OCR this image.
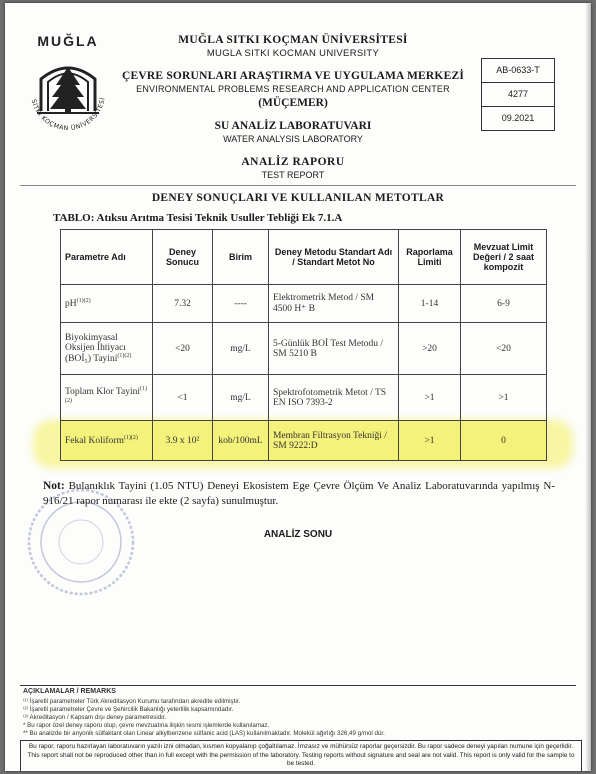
MUĞLA
SITKI KOÇMAN ÜNİVERSİTESİ
MUĞLA SITKI KOÇMAN ÜNİVERSİTESİ
MUGLA SITKI KOCMAN UNIVERSITY
ÇEVRE SORUNLARI ARAŞTIRMA VE UYGULAMA MERKEZİ
ENVIRONMENTAL PROBLEMS RESEARCH AND APPLICATION CENTER
(MÜÇEMER)
SU ANALİZ LABORATUVARI
WATER ANALYSIS LABORATORY
ANALİZ RAPORU
TEST REPORT
AB-0633-T
4277
09.2021
DENEY SONUÇLARI VE KULLANILAN METOTLAR
TABLO: Atıksu Arıtma Tesisi Teknik Usuller Tebliği Ek 7.1.A
Parametre Adı	Deney Sonucu	Birim	Deney Metodu Standart Adı / Standart Metot No	Raporlama Limiti	Mevzuat Limit Değeri / 2 saat kompozit
$pH^{(1)(2)}$	7.32	----	Elektrometrik Metod / SM 4500 H⁺ B	1-14	6-9
Biyokimyasal Oksijen İhtiyacı (BOİ₅) Tayini$^{(1)(2)}$	<20	mg/L	5-Günlük BOİ Test Metodu / SM 5210 B	>20	<20
Toplam Klor Tayini$^{(1)(2)}$	<1	mg/L	Spektrofotometrik Metot / TS EN ISO 7393-2	>1	>1
Fekal Koliform$^{(1)(2)}$	3.9 x 10²	kob/100mL	Membran Filtrasyon Tekniği / SM 9222:D	>1	0
Not: Bulanıklık Tayini (1.05 NTU) Deneyi Ekosistem Ege Çevre Ölçüm Ve Analiz Laboratuvarında yapılmış N-916/21 rapor numarası ile ekte (2 sayfa) sunulmuştur.
ANALİZ SONU
AÇIKLAMALAR / REMARKS
⁽¹⁾ İşaretli parametreler Türk Akreditasyon Kurumu tarafından akredite edilmiştir.
⁽²⁾ İşaretli parametreler Çevre ve Şehircilik Bakanlığı yeterlilik kapsamındadır.
⁽³⁾ Akreditasyon / Kapsam dışı deney parametresidir.
* Bu rapor özel deney raporu olup, çevre mevzuatına ilişkin resmi işlemlerde kullanılamaz.
** Bu analizde bir anyonik sülfaktant olan Linear alkylbenzene sülfanic acid (LAS) kullanılmaktadır. Molekül ağırlığı 326,49 g/mol dür.
Bu rapor, raporu hazırlayan laboratuvarın yazılı izni olmadan, kısmen kopyalanıp çoğaltılamaz. İmzasız ve mühürsüz raporlar geçersizdir. Bu rapor sadece deneyi yapılan numune için geçerlidir. This report shall not be reproduced other than in full except with the permission of the laboratory. Testing reports without signature and seal are not valid. This report is only valid for the sample to be tested.
